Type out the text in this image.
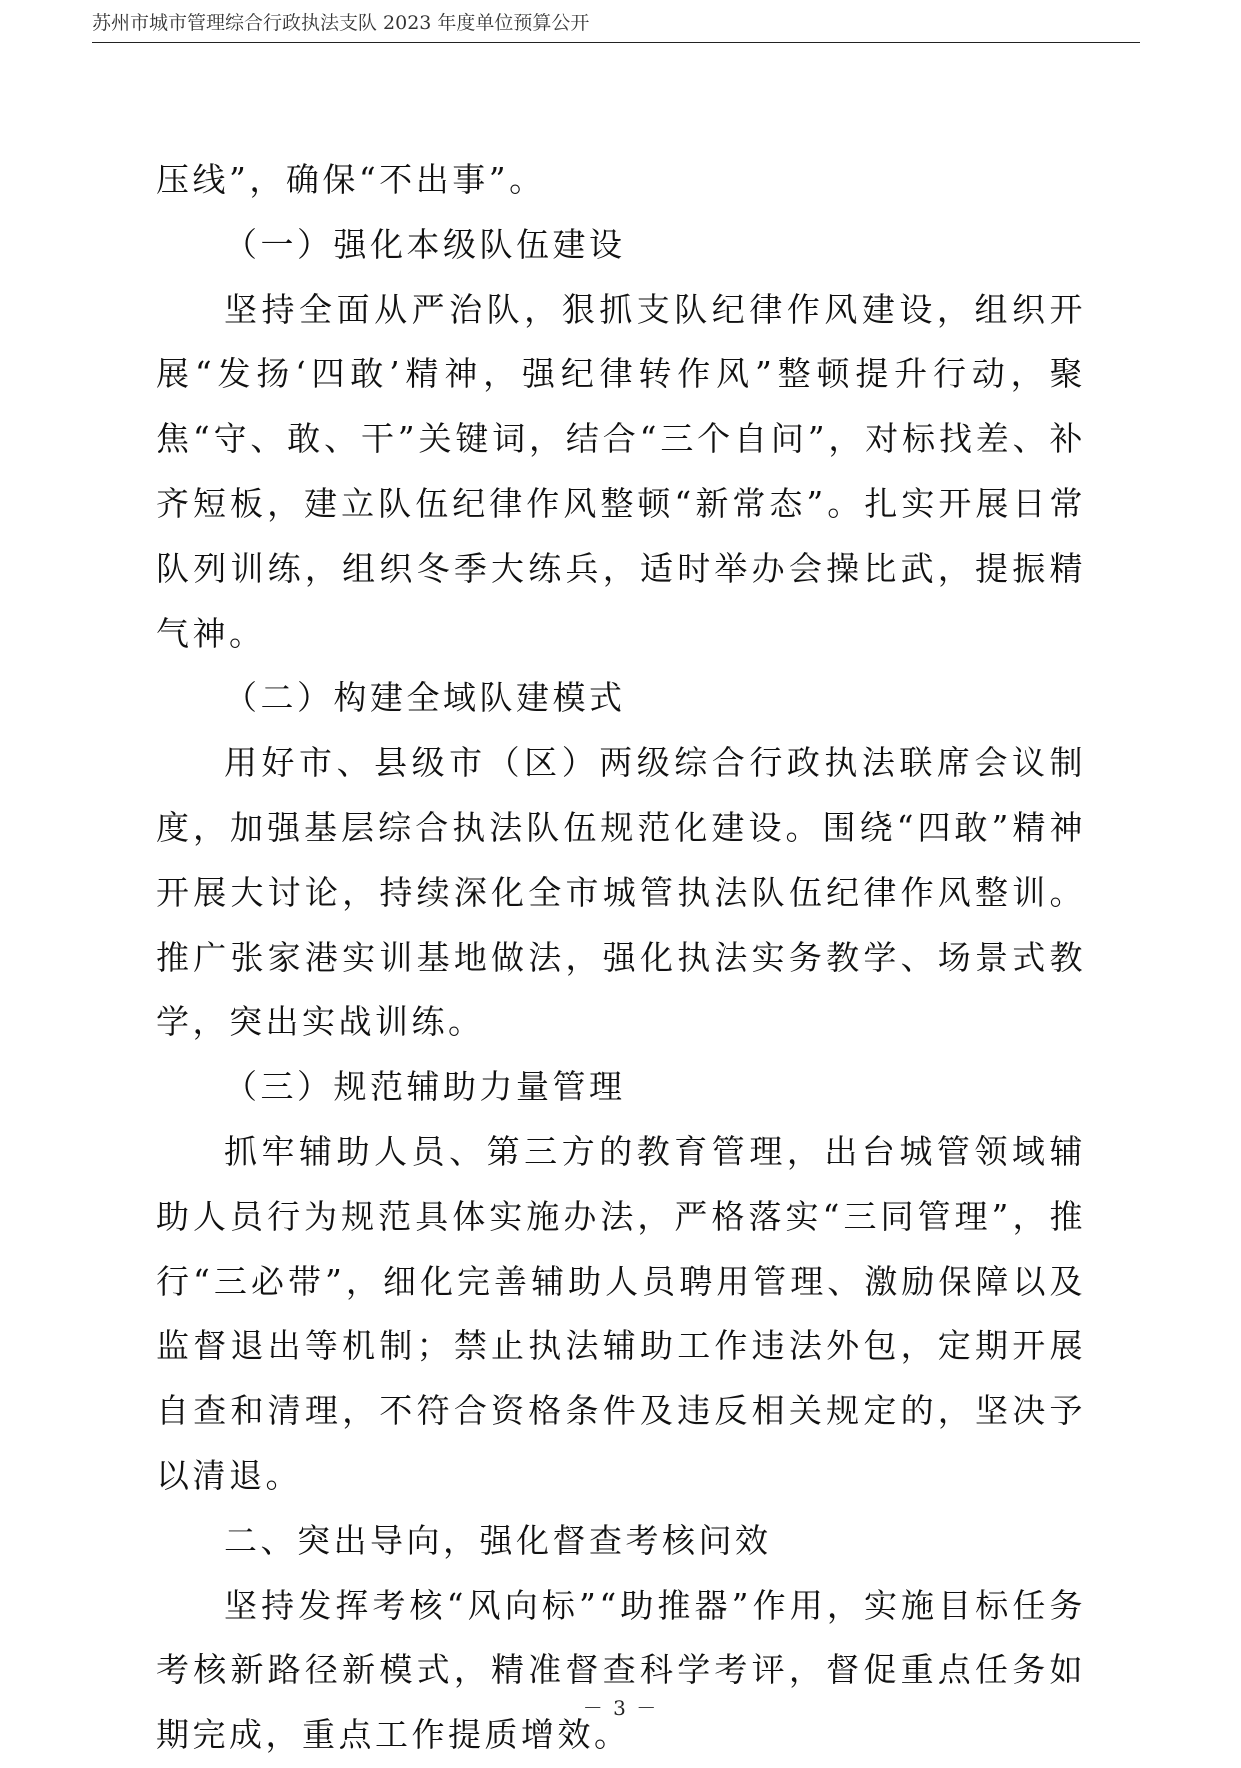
苏州市城市管理综合行政执法支队 2023 年度单位预算公开

压线”，确保“不出事”。

（一）强化本级队伍建设

坚持全面从严治队，狠抓支队纪律作风建设，组织开展“发扬‘四敢’精神，强纪律转作风”整顿提升行动，聚焦“守、敢、干”关键词，结合“三个自问”，对标找差、补齐短板，建立队伍纪律作风整顿“新常态”。扎实开展日常队列训练，组织冬季大练兵，适时举办会操比武，提振精气神。

（二）构建全域队建模式

用好市、县级市（区）两级综合行政执法联席会议制度，加强基层综合执法队伍规范化建设。围绕“四敢”精神开展大讨论，持续深化全市城管执法队伍纪律作风整训。推广张家港实训基地做法，强化执法实务教学、场景式教学，突出实战训练。

（三）规范辅助力量管理

抓牢辅助人员、第三方的教育管理，出台城管领域辅助人员行为规范具体实施办法，严格落实“三同管理”，推行“三必带”，细化完善辅助人员聘用管理、激励保障以及监督退出等机制；禁止执法辅助工作违法外包，定期开展自查和清理，不符合资格条件及违反相关规定的，坚决予以清退。

二、突出导向，强化督查考核问效

坚持发挥考核“风向标”“助推器”作用，实施目标任务考核新路径新模式，精准督查科学考评，督促重点任务如期完成，重点工作提质增效。

－ 3 －
